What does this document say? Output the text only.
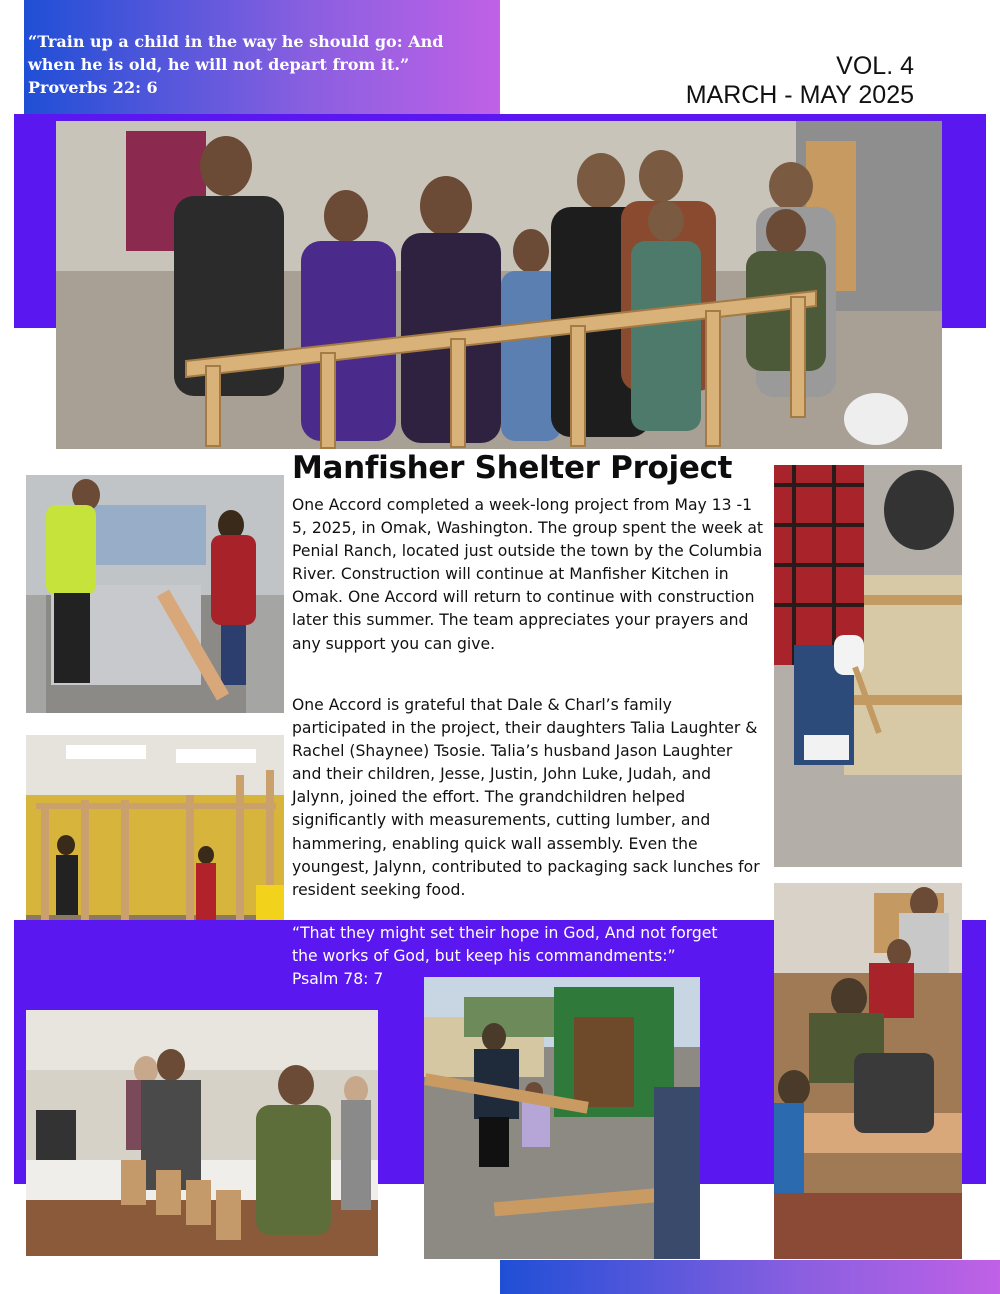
“Train up a child in the way he should go: And

when he is old, he will not depart from it.”

Proverbs 22: 6

VOL. 4
MARCH - MAY 2025
Manfisher Shelter Project

One Accord completed a week-long project from May 13 -1 5, 2025, in Omak, Washington. The group spent the week at Penial Ranch, located just outside the town by the Columbia River. Construction will continue at Manfisher Kitchen in Omak. One Accord will return to continue with construction later this summer. The team appreciates your prayers and any support you can give.

One Accord is grateful that Dale & Charl’s family participated in the project, their daughters Talia Laughter & Rachel (Shaynee) Tsosie. Talia’s husband Jason Laughter and their children, Jesse, Justin, John Luke, Judah, and Jalynn, joined the effort. The grandchildren helped significantly with measurements, cutting lumber, and hammering, enabling quick wall assembly. Even the youngest, Jalynn, contributed to packaging sack lunches for resident seeking food.

“That they might set their hope in God, And not forget
the works of God, but keep his commandments:”
Psalm 78: 7
